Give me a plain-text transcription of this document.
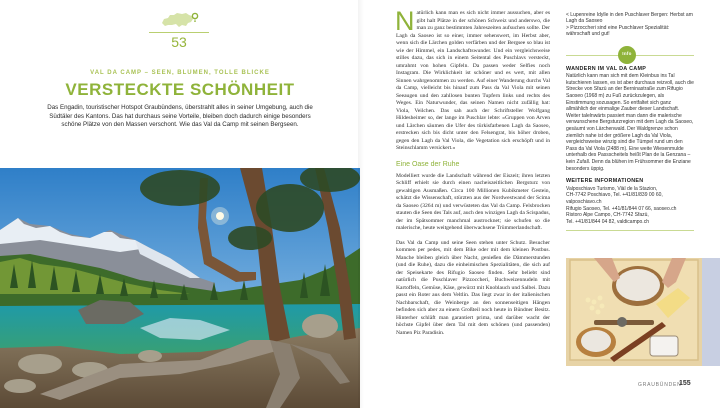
53
VAL DA CAMP – SEEN, BLUMEN, TOLLE BLICKE
VERSTECKTE SCHÖNHEIT
Das Engadin, touristischer Hotspot Graubündens, überstrahlt alles in seiner Umgebung, auch die Südtäler des Kantons. Das hat durchaus seine Vorteile, bleiben doch dadurch einige besonders schöne Plätze von den Massen verschont. Wie das Val da Camp mit seinen Bergseen.

Natürlich kann man es sich nicht immer aussuchen, aber es gibt halt Plätze in der schönen Schweiz und anderswo, die man zu ganz bestimmten Jahreszeiten aufsuchen sollte. Der Lagh da Saoseo ist so einer, immer sehenswert, im Herbst aber, wenn sich die Lärchen golden verfärben und der Bergsee so blau ist wie der Himmel, ein Landschaftswunder. Und ein vergleichsweise stilles dazu, das sich in einem Seitental des Puschlavs versteckt, umrahmt von hohen Gipfeln. Da passen weder Selfies noch Instagram. Die Wirklichkeit ist schöner und es wert, mit allen Sinnen wahrgenommen zu werden. Auf einer Wanderung durchs Val da Camp, vielleicht bis hinauf zum Pass da Val Viola mit seinen Seeaugen und den zahllosen bunten Tupfern links und rechts des Weges. Ein Naturwunder, das seinen Namen nicht zufällig hat: Viola, Veilchen. Das sah auch der Schriftsteller Wolfgang Hildesheimer so, der lange im Puschlav lebte: «Gruppen von Arven und Lärchen säumen die Ufer des türkisfarbenen Lagh da Saoseo, erstrecken sich bis dicht unter den Felsengrat, bis höher droben, gegen den Lagh da Val Viola, die Vegetation sich erschöpft und in Steinschlamm versickert.»

Eine Oase der Ruhe

Modelliert wurde die Landschaft während der Eiszeit; ihren letzten Schliff erhielt sie durch einen nacheiszeitlichen Bergsturz von gewaltigen Ausmaßen. Circa 100 Millionen Kubikmeter Gestein, schätzt die Wissenschaft, stürzten aus der Nordwestwand der Scima da Saoseo (3264 m) und verwüsteten das Val da Camp. Felsbrocken stauten die Seen des Tals auf, auch den winzigen Lagh da Scispadus, der im Spätsommer manchmal austrocknet; sie schufen so die malerische, heute weitgehend überwachsene Trümmerlandschaft.

Das Val da Camp und seine Seen stehen unter Schutz. Besucher kommen per pedes, mit dem Bike oder mit dem kleinen Postbus. Manche bleiben gleich über Nacht, genießen die Dämmerstunden (und die Ruhe), dazu die einheimischen Spezialitäten, die sich auf der Speisekarte des Rifugio Saoseo finden. Sehr beliebt sind natürlich die Puschlaver Pizzoccheri, Buchweizennudeln mit Kartoffeln, Gemüse, Käse, gewürzt mit Knoblauch und Salbei. Dazu passt ein Roter aus dem Veltlin. Das liegt zwar in der italienischen Nachbarschaft, die Weinberge an den sonnenseitigen Hängen befinden sich aber zu einem Großteil noch heute in Bündner Besitz. Hinterher schläft man garantiert prima, und darüber wacht der höchste Gipfel über dem Tal mit dem schönen (und passenden) Namen Piz Paradisin.

< Lupenreine Idylle in den Puschlaver Bergen: Herbst am Lagh da Saoseo
> Pizzoccheri sind eine Puschlaver Spezialität: währschaft und gut!
Info
WANDERN IM VAL DA CAMP
Natürlich kann man sich mit dem Kleinbus ins Tal kutschieren lassen, es ist aber durchaus reizvoll, auch die Strecke von Sfazù an der Berninastraße zum Rifugio Saoseo (1968 m) zu Fuß zurückzulegen, als Einstimmung sozusagen. So entfaltet sich ganz allmählich der einmalige Zauber dieser Landschaft. Weiter talelnwärts passiert man dann die malerische verwunschene Bergsturzregion mit dem Lagh da Saoseo, gesäumt von Lärchenwald. Der Waldgrenze schon ziemlich nahe ist der größere Lagh da Val Viola, vergleichsweise winzig sind die Tümpel rund um den Pass da Val Viola (2488 m). Eine weite Wiesenmulde unterhalb des Passscheitels heißt Plan de la Genzana – kein Zufall. Denn da blühen im Frühsommer die Enziane besonders üppig.
WEITERE INFORMATIONEN
Valposchiavo Turismo, Viàl de la Stazion,
CH-7742 Poschiavo, Tel. +41/81/839 00 60,
valposchiavo.ch
Rifugio Saoseo, Tel. +41/81/844 07 66, saoseo.ch
Ristoro Alpe Campo, CH-7742 Sfazù,
Tel. +41/81/844 04 82, valdicampo.ch
GRAUBÜNDEN
155
